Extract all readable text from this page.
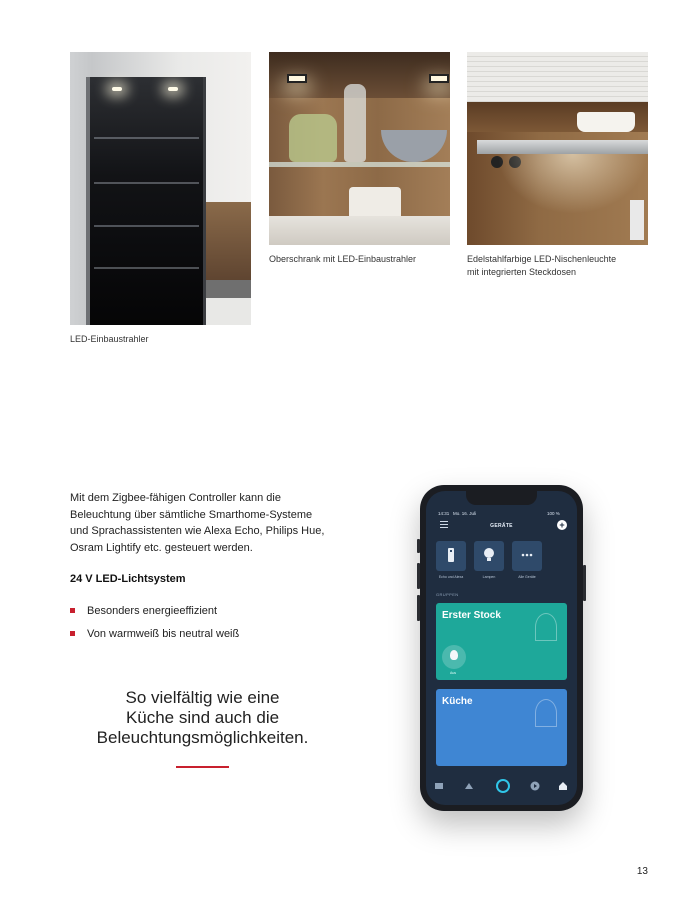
LED-Einbaustrahler
Oberschrank mit LED-Einbaustrahler	Edelstahlfarbige LED-Nischenleuchte
mit integrierten Steckdosen
Mit dem Zigbee-fähigen Controller kann die
Beleuchtung über sämtliche Smarthome-Systeme
und Sprachassistenten wie Alexa Echo, Philips Hue,
Osram Lightify etc. gesteuert werden.
24 V LED-Lichtsystem
Besonders energieeffizient
Von warmweiß bis neutral weiß
So vielfältig wie eine
Küche sind auch die
Beleuchtungsmöglichkeiten.
14:31 Mo. 16. Juli	100 %
GERÄTE	+
Echo und Alexa	Lampen	Alle Geräte
GRUPPEN
Erster Stock
Aus
Küche
13
